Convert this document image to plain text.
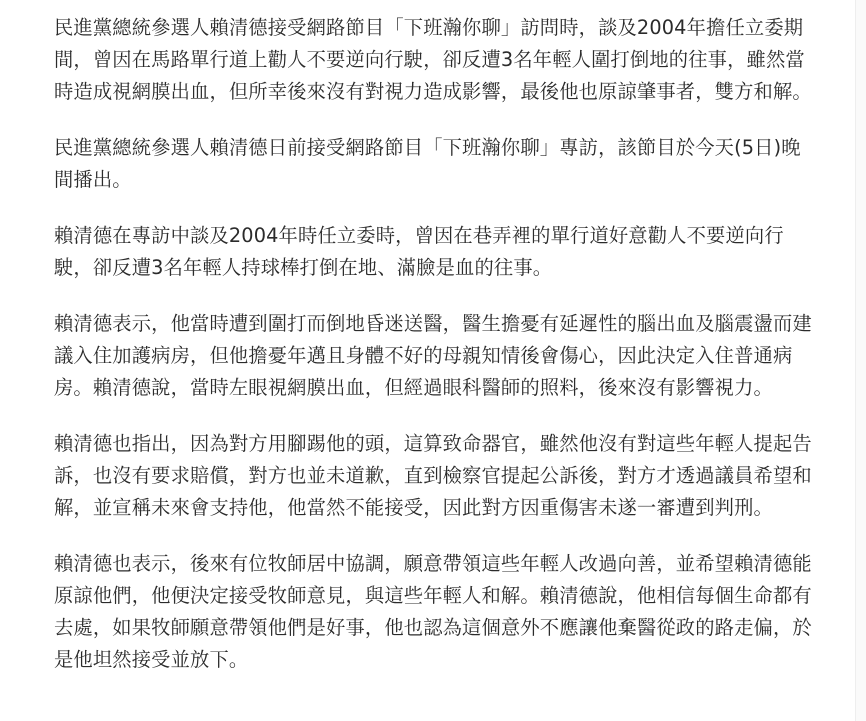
民進黨總統參選人賴清德接受網路節目「下班瀚你聊」訪問時，談及2004年擔任立委期間，曾因在馬路單行道上勸人不要逆向行駛，卻反遭3名年輕人圍打倒地的往事，雖然當時造成視網膜出血，但所幸後來沒有對視力造成影響，最後他也原諒肇事者，雙方和解。

民進黨總統參選人賴清德日前接受網路節目「下班瀚你聊」專訪，該節目於今天(5日)晚間播出。

賴清德在專訪中談及2004年時任立委時，曾因在巷弄裡的單行道好意勸人不要逆向行駛，卻反遭3名年輕人持球棒打倒在地、滿臉是血的往事。

賴清德表示，他當時遭到圍打而倒地昏迷送醫，醫生擔憂有延遲性的腦出血及腦震盪而建議入住加護病房，但他擔憂年邁且身體不好的母親知情後會傷心，因此決定入住普通病房。賴清德說，當時左眼視網膜出血，但經過眼科醫師的照料，後來沒有影響視力。

賴清德也指出，因為對方用腳踢他的頭，這算致命器官，雖然他沒有對這些年輕人提起告訴，也沒有要求賠償，對方也並未道歉，直到檢察官提起公訴後，對方才透過議員希望和解，並宣稱未來會支持他，他當然不能接受，因此對方因重傷害未遂一審遭到判刑。

賴清德也表示，後來有位牧師居中協調，願意帶領這些年輕人改過向善，並希望賴清德能原諒他們，他便決定接受牧師意見，與這些年輕人和解。賴清德說，他相信每個生命都有去處，如果牧師願意帶領他們是好事，他也認為這個意外不應讓他棄醫從政的路走偏，於是他坦然接受並放下。
